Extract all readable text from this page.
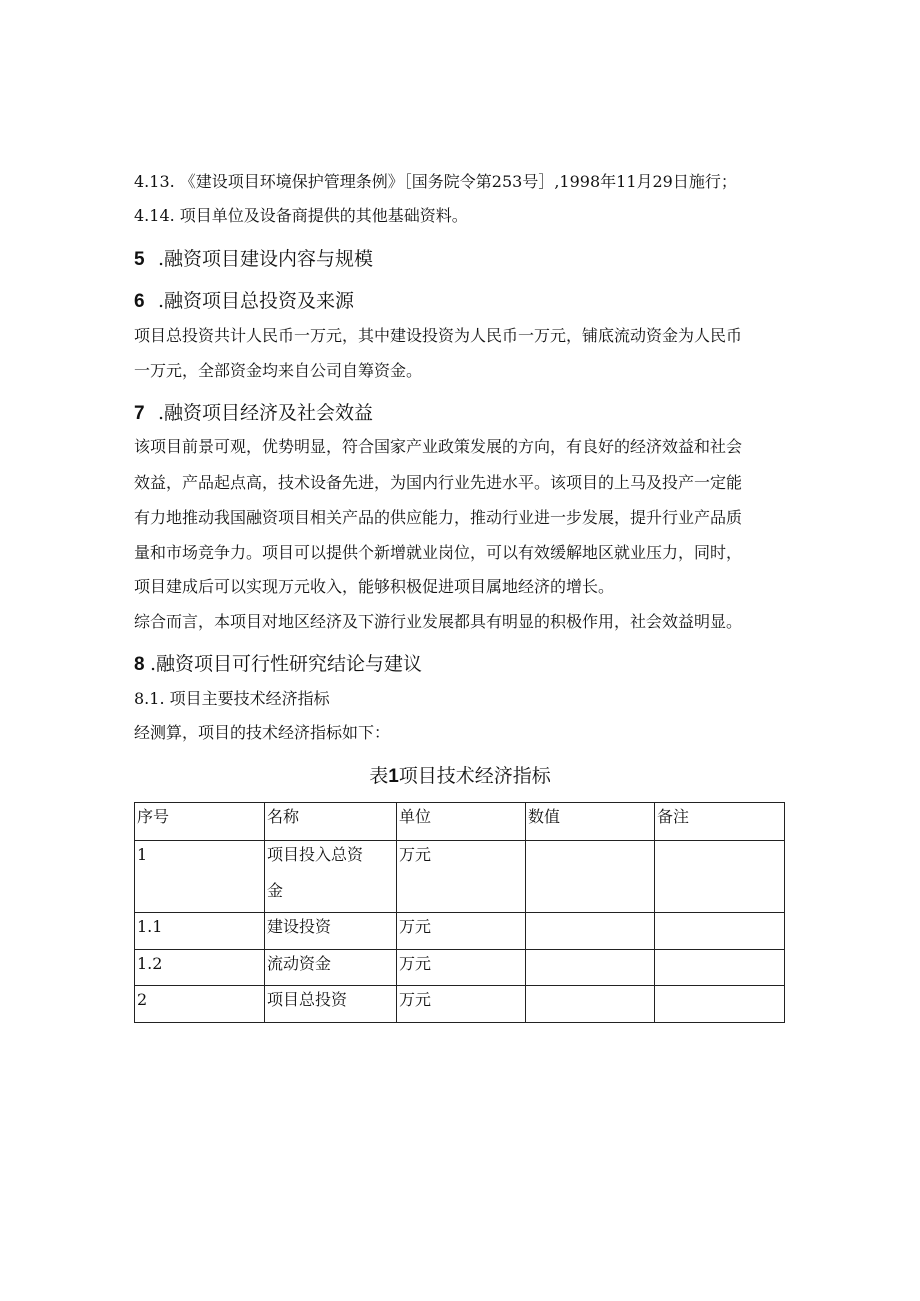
4.13. 《建设项目环境保护管理条例》［国务院令第253号］,1998年11月29日施行；
4.14. 项目单位及设备商提供的其他基础资料。
5 .融资项目建设内容与规模
6 .融资项目总投资及来源
项目总投资共计人民币一万元，其中建设投资为人民币一万元，铺底流动资金为人民币
一万元，全部资金均来自公司自筹资金。
7 .融资项目经济及社会效益
该项目前景可观，优势明显，符合国家产业政策发展的方向，有良好的经济效益和社会
效益，产品起点高，技术设备先进，为国内行业先进水平。该项目的上马及投产一定能
有力地推动我国融资项目相关产品的供应能力，推动行业进一步发展，提升行业产品质
量和市场竞争力。项目可以提供个新增就业岗位，可以有效缓解地区就业压力，同时，
项目建成后可以实现万元收入，能够积极促进项目属地经济的增长。
综合而言，本项目对地区经济及下游行业发展都具有明显的积极作用，社会效益明显。
8 .融资项目可行性研究结论与建议
8.1. 项目主要技术经济指标
经测算，项目的技术经济指标如下：
表1项目技术经济指标
序号	名称	单位	数值	备注

1	项目投入总资
金	万元		

1.1	建设投资	万元		

1.2	流动资金	万元		

2	项目总投资	万元		
